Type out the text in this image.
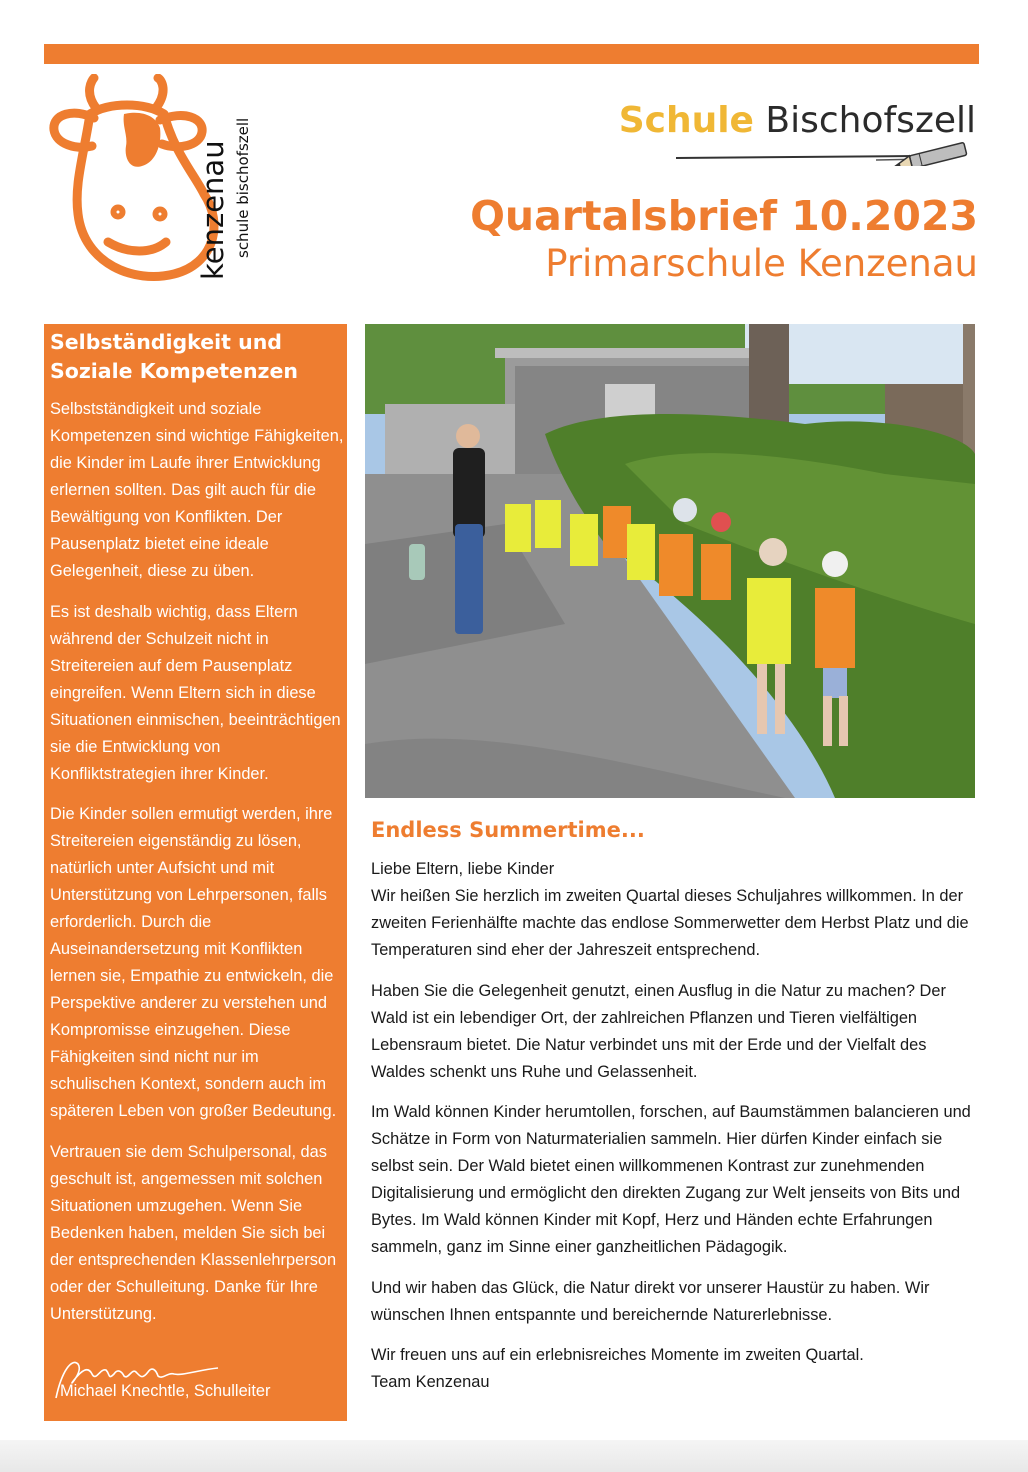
kenzenau schule bischofszell	Schule Bischofszell
Quartalsbrief 10.2023
Primarschule Kenzenau
Selbständigkeit und Soziale Kompetenzen

Selbstständigkeit und soziale Kompetenzen sind wichtige Fähigkeiten, die Kinder im Laufe ihrer Entwicklung erlernen sollten. Das gilt auch für die Bewältigung von Konflikten. Der Pausenplatz bietet eine ideale Gelegenheit, diese zu üben.

Es ist deshalb wichtig, dass Eltern während der Schulzeit nicht in Streitereien auf dem Pausenplatz eingreifen. Wenn Eltern sich in diese Situationen einmischen, beeinträchtigen sie die Entwicklung von Konfliktstrategien ihrer Kinder.

Die Kinder sollen ermutigt werden, ihre Streitereien eigenständig zu lösen, natürlich unter Aufsicht und mit Unterstützung von Lehrpersonen, falls erforderlich. Durch die Auseinandersetzung mit Konflikten lernen sie, Empathie zu entwickeln, die Perspektive anderer zu verstehen und Kompromisse einzugehen. Diese Fähigkeiten sind nicht nur im schulischen Kontext, sondern auch im späteren Leben von großer Bedeutung.

Vertrauen sie dem Schulpersonal, das geschult ist, angemessen mit solchen Situationen umzugehen. Wenn Sie Bedenken haben, melden Sie sich bei der entsprechenden Klassenlehrperson oder der Schulleitung. Danke für Ihre Unterstützung.

Michael Knechtle, Schulleiter
Endless Summertime...

Liebe Eltern, liebe Kinder
Wir heißen Sie herzlich im zweiten Quartal dieses Schuljahres willkommen. In der zweiten Ferienhälfte machte das endlose Sommerwetter dem Herbst Platz und die Temperaturen sind eher der Jahreszeit entsprechend.

Haben Sie die Gelegenheit genutzt, einen Ausflug in die Natur zu machen? Der Wald ist ein lebendiger Ort, der zahlreichen Pflanzen und Tieren vielfältigen Lebensraum bietet. Die Natur verbindet uns mit der Erde und der Vielfalt des Waldes schenkt uns Ruhe und Gelassenheit.

Im Wald können Kinder herumtollen, forschen, auf Baumstämmen balancieren und Schätze in Form von Naturmaterialien sammeln. Hier dürfen Kinder einfach sie selbst sein. Der Wald bietet einen willkommenen Kontrast zur zunehmenden Digitalisierung und ermöglicht den direkten Zugang zur Welt jenseits von Bits und Bytes. Im Wald können Kinder mit Kopf, Herz und Händen echte Erfahrungen sammeln, ganz im Sinne einer ganzheitlichen Pädagogik.

Und wir haben das Glück, die Natur direkt vor unserer Haustür zu haben. Wir wünschen Ihnen entspannte und bereichernde Naturerlebnisse.

Wir freuen uns auf ein erlebnisreiches Momente im zweiten Quartal.
Team Kenzenau
